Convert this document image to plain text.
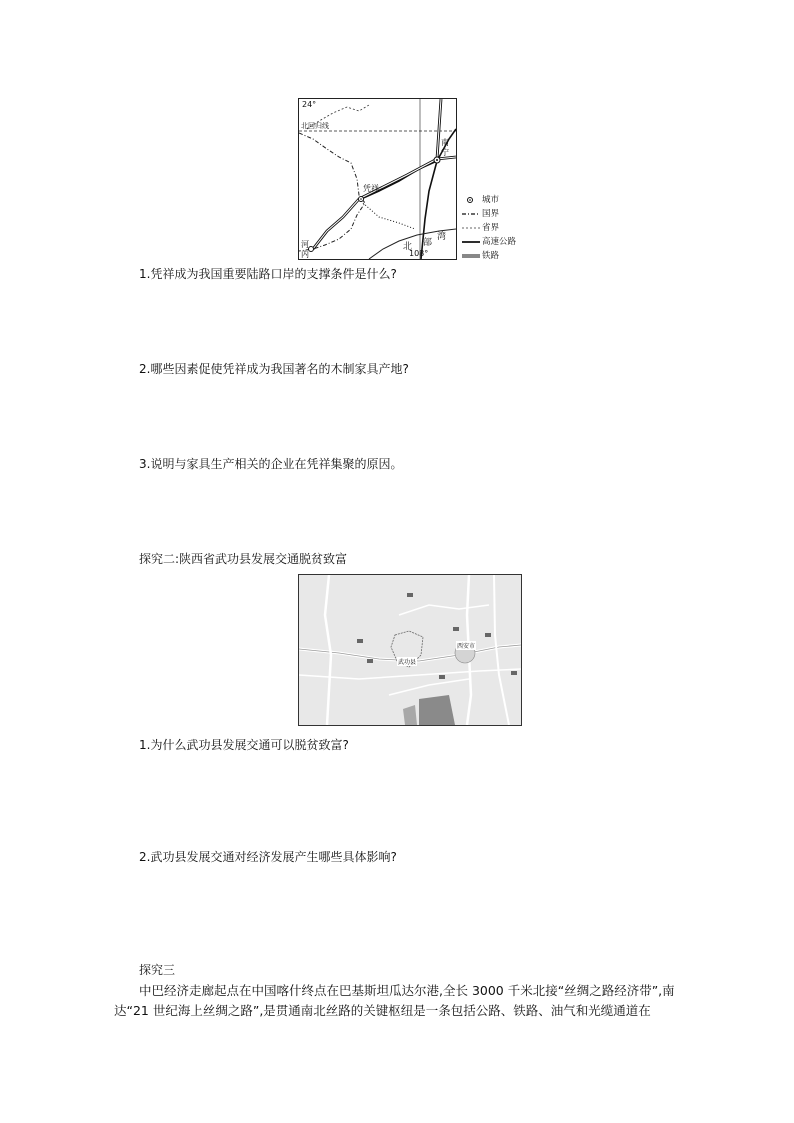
24°
北回归线
南
宁
凭祥
北 部
湾
108°
河
内
城市
国界
省界
高速公路
铁路
1.凭祥成为我国重要陆路口岸的支撑条件是什么?
2.哪些因素促使凭祥成为我国著名的木制家具产地?
3.说明与家具生产相关的企业在凭祥集聚的原因。
探究二:陕西省武功县发展交通脱贫致富
西安市
武功县
1.为什么武功县发展交通可以脱贫致富?
2.武功县发展交通对经济发展产生哪些具体影响?
探究三
中巴经济走廊起点在中国喀什终点在巴基斯坦瓜达尔港,全长 3000 千米北接“丝绸之路经济带”,南达“21 世纪海上丝绸之路”,是贯通南北丝路的关键枢纽是一条包括公路、铁路、油气和光缆通道在
